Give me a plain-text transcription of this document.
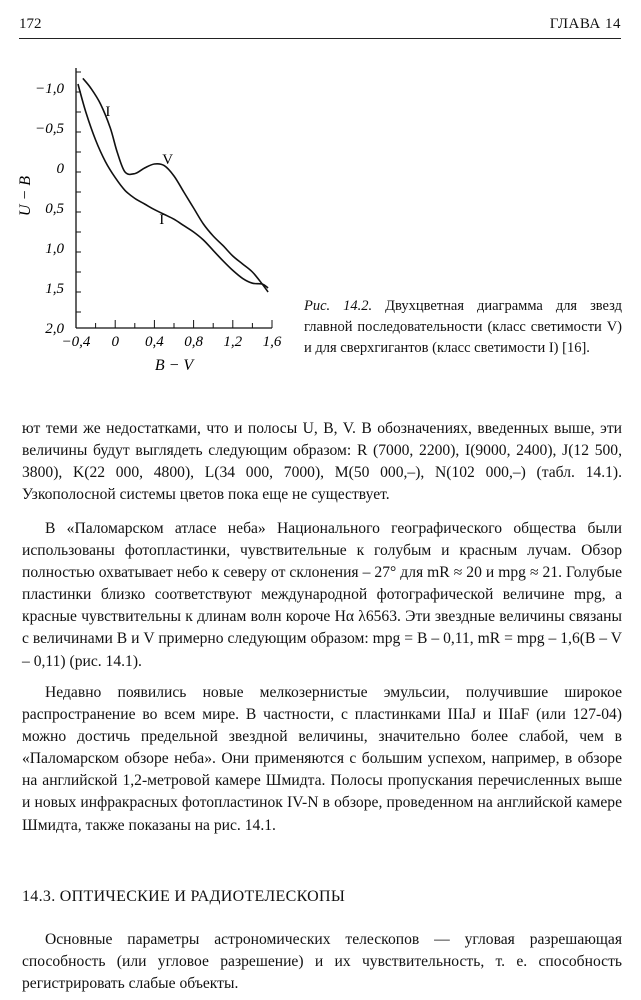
172	ГЛАВА 14
−1,0
−0,5
0
0,5
1,0
1,5
2,0
−0,4 0 0,4 0,8 1,2 1,6
V
I
I
U − B
B − V
Рис. 14.2. Двухцветная диаграмма для звезд главной последовательности (класс светимости V) и для сверхгигантов (класс светимости I) [16].

ют теми же недостатками, что и полосы U, B, V. В обозначениях, введенных выше, эти величины будут выглядеть следующим образом: R (7000, 2200), I(9000, 2400), J(12 500, 3800), K(22 000, 4800), L(34 000, 7000), M(50 000,–), N(102 000,–) (табл. 14.1). Узкополосной системы цветов пока еще не существует.

В «Паломарском атласе неба» Национального географического общества были использованы фотопластинки, чувствительные к голубым и красным лучам. Обзор полностью охватывает небо к северу от склонения – 27° для mR ≈ 20 и mpg ≈ 21. Голубые пластинки близко соответствуют международной фотографической величине mpg, а красные чувствительны к длинам волн короче Hα λ6563. Эти звездные величины связаны с величинами B и V примерно следующим образом: mpg = B – 0,11, mR = mpg – 1,6(B – V – 0,11) (рис. 14.1).

Недавно появились новые мелкозернистые эмульсии, получившие широкое распространение во всем мире. В частности, с пластинками IIIaJ и IIIaF (или 127-04) можно достичь предельной звездной величины, значительно более слабой, чем в «Паломарском обзоре неба». Они применяются с большим успехом, например, в обзоре на английской 1,2-метровой камере Шмидта. Полосы пропускания перечисленных выше и новых инфракрасных фотопластинок IV-N в обзоре, проведенном на английской камере Шмидта, также показаны на рис. 14.1.

14.3. ОПТИЧЕСКИЕ И РАДИОТЕЛЕСКОПЫ

Основные параметры астрономических телескопов — угловая разрешающая способность (или угловое разрешение) и их чувствительность, т. е. способность регистрировать слабые объекты.
